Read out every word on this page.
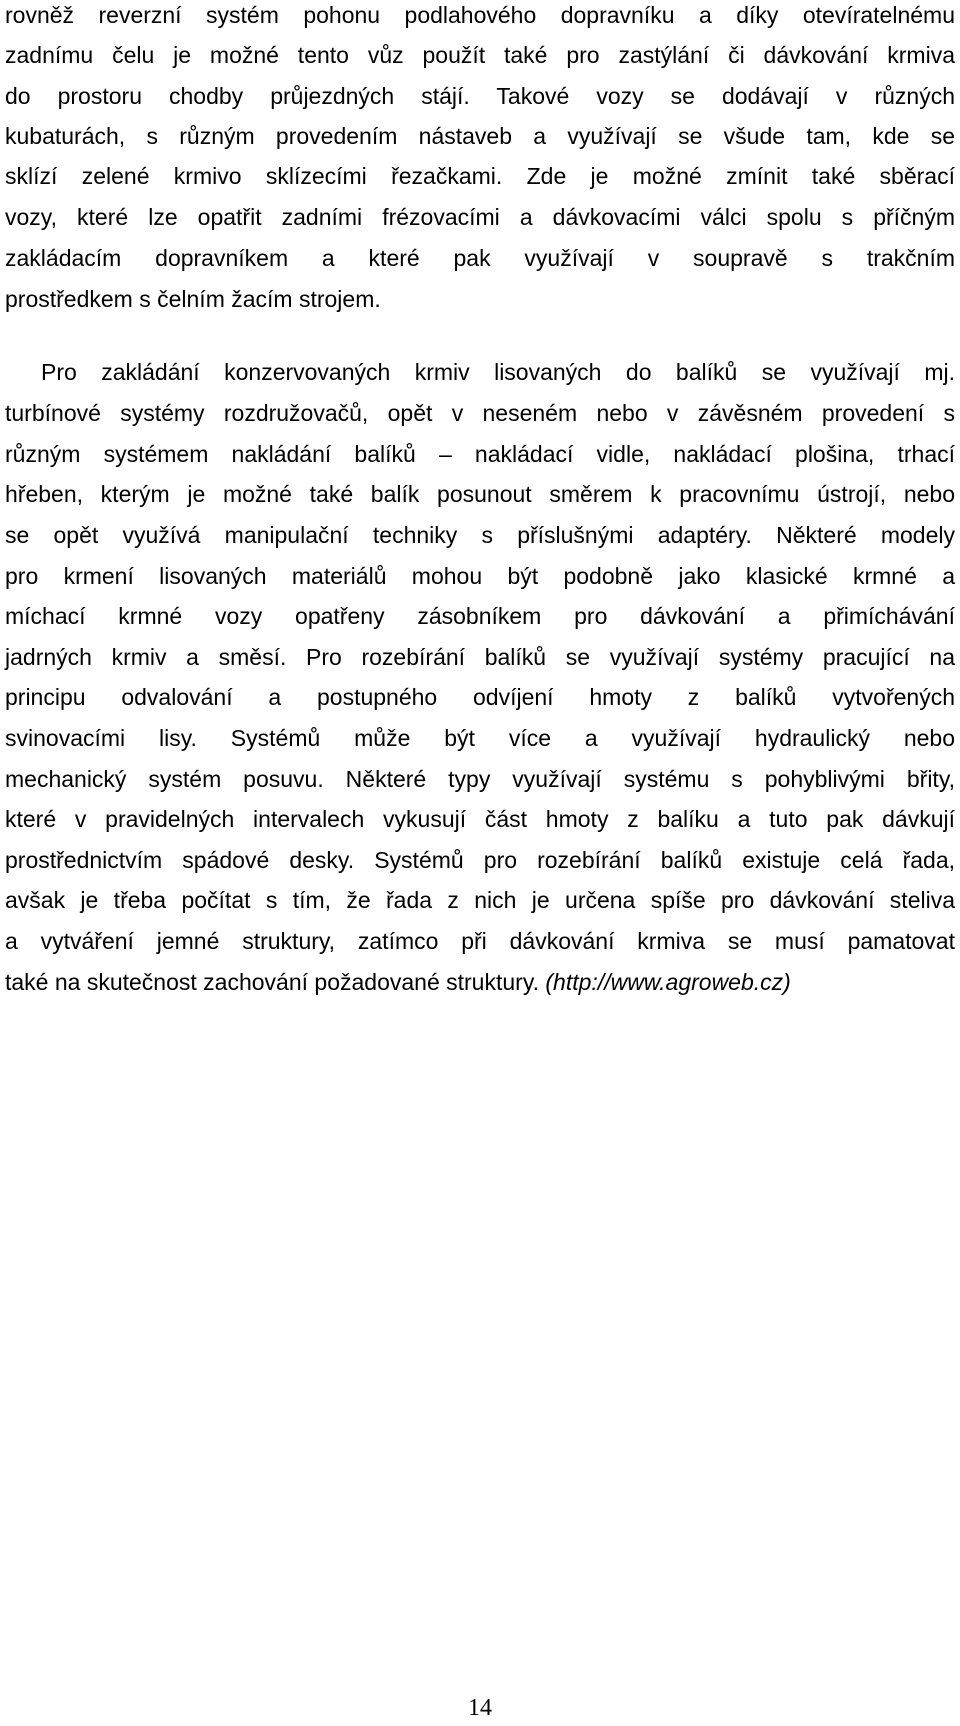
rovněž reverzní systém pohonu podlahového dopravníku a díky otevíratelnému
zadnímu čelu je možné tento vůz použít také pro zastýlání či dávkování krmiva
do prostoru chodby průjezdných stájí. Takové vozy se dodávají v různých
kubaturách, s různým provedením nástaveb a využívají se všude tam, kde se
sklízí zelené krmivo sklízecími řezačkami. Zde je možné zmínit také sběrací
vozy, které lze opatřit zadními frézovacími a dávkovacími válci spolu s příčným
zakládacím dopravníkem a které pak využívají v soupravě s trakčním
prostředkem s čelním žacím strojem.
Pro zakládání konzervovaných krmiv lisovaných do balíků se využívají mj.
turbínové systémy rozdružovačů, opět v neseném nebo v závěsném provedení s
různým systémem nakládání balíků – nakládací vidle, nakládací plošina, trhací
hřeben, kterým je možné také balík posunout směrem k pracovnímu ústrojí, nebo
se opět využívá manipulační techniky s příslušnými adaptéry. Některé modely
pro krmení lisovaných materiálů mohou být podobně jako klasické krmné a
míchací krmné vozy opatřeny zásobníkem pro dávkování a přimíchávání
jadrných krmiv a směsí. Pro rozebírání balíků se využívají systémy pracující na
principu odvalování a postupného odvíjení hmoty z balíků vytvořených
svinovacími lisy. Systémů může být více a využívají hydraulický nebo
mechanický systém posuvu. Některé typy využívají systému s pohyblivými břity,
které v pravidelných intervalech vykusují část hmoty z balíku a tuto pak dávkují
prostřednictvím spádové desky. Systémů pro rozebírání balíků existuje celá řada,
avšak je třeba počítat s tím, že řada z nich je určena spíše pro dávkování steliva
a vytváření jemné struktury, zatímco při dávkování krmiva se musí pamatovat
také na skutečnost zachování požadované struktury. (http://www.agroweb.cz)
14
